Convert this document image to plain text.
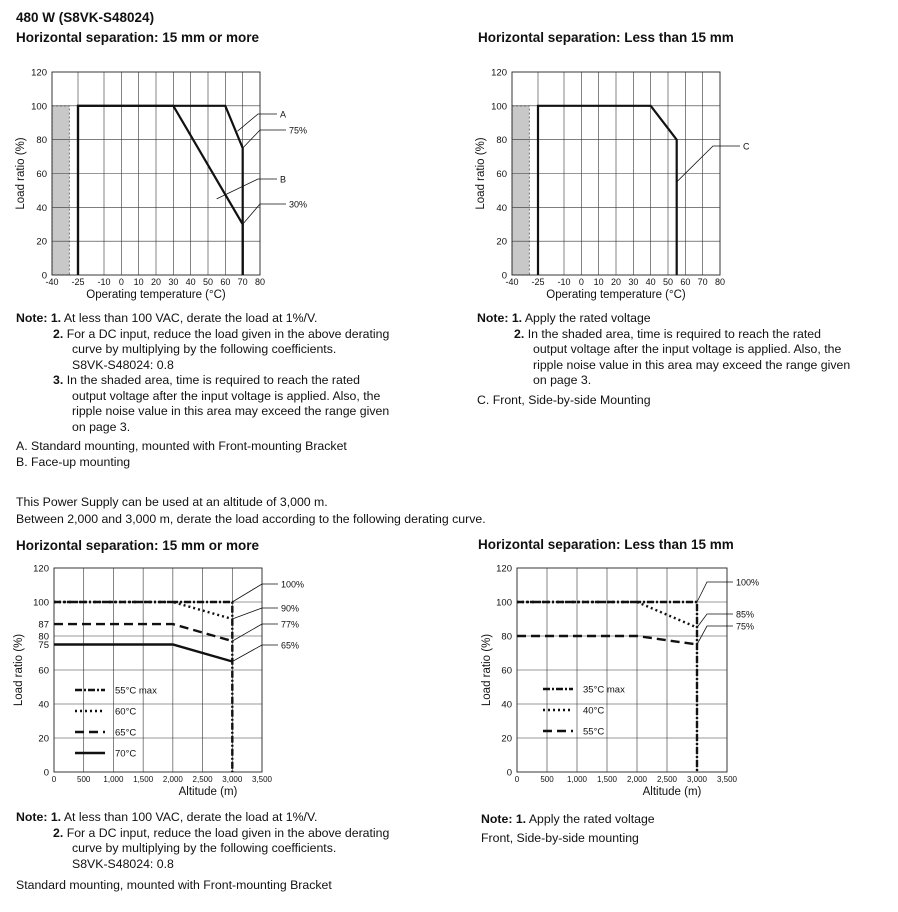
480 W (S8VK-S48024)
Horizontal separation: 15 mm or more	Horizontal separation: Less than 15 mm
-40 -25 -10 0 10 20 30 40 50 60 70 80
0
20
40
60
80
100
120
Operating temperature (°C)
Load ratio (%)
A
75%
B
30%
-40 -25 -10 0 10 20 30 40 50 60 70 80
0
20
40
60
80
100
120
Operating temperature (°C)
Load ratio (%)	C
Note: 1. At less than 100 VAC, derate the load at 1%/V.
2. For a DC input, reduce the load given in the above derating
curve by multiplying by the following coefficients.
S8VK-S48024: 0.8
3. In the shaded area, time is required to reach the rated
output voltage after the input voltage is applied. Also, the
ripple noise value in this area may exceed the range given
on page 3.
A. Standard mounting, mounted with Front-mounting Bracket
B. Face-up mounting
Note: 1. Apply the rated voltage
2. In the shaded area, time is required to reach the rated
output voltage after the input voltage is applied. Also, the
ripple noise value in this area may exceed the range given
on page 3.
C. Front, Side-by-side Mounting
This Power Supply can be used at an altitude of 3,000 m.
Between 2,000 and 3,000 m, derate the load according to the following derating curve.
Horizontal separation: 15 mm or more	Horizontal separation: Less than 15 mm
0	500 1,000 1,500 2,000 2,500 3,000 3,500
0
20
40
60
75
80
87
100
120
Altitude (m)
Load ratio (%)
100%
90%
77%
65%
55°C max
60°C
65°C
70°C
0	500 1,000 1,500 2,000 2,500 3,000 3,500
0
20
40
60
80
100
120
Altitude (m)
Load ratio (%)
100%
85%
75%
35°C max
40°C
55°C
Note: 1. At less than 100 VAC, derate the load at 1%/V.
2. For a DC input, reduce the load given in the above derating
curve by multiplying by the following coefficients.
S8VK-S48024: 0.8
Standard mounting, mounted with Front-mounting Bracket
Note: 1. Apply the rated voltage
Front, Side-by-side mounting
